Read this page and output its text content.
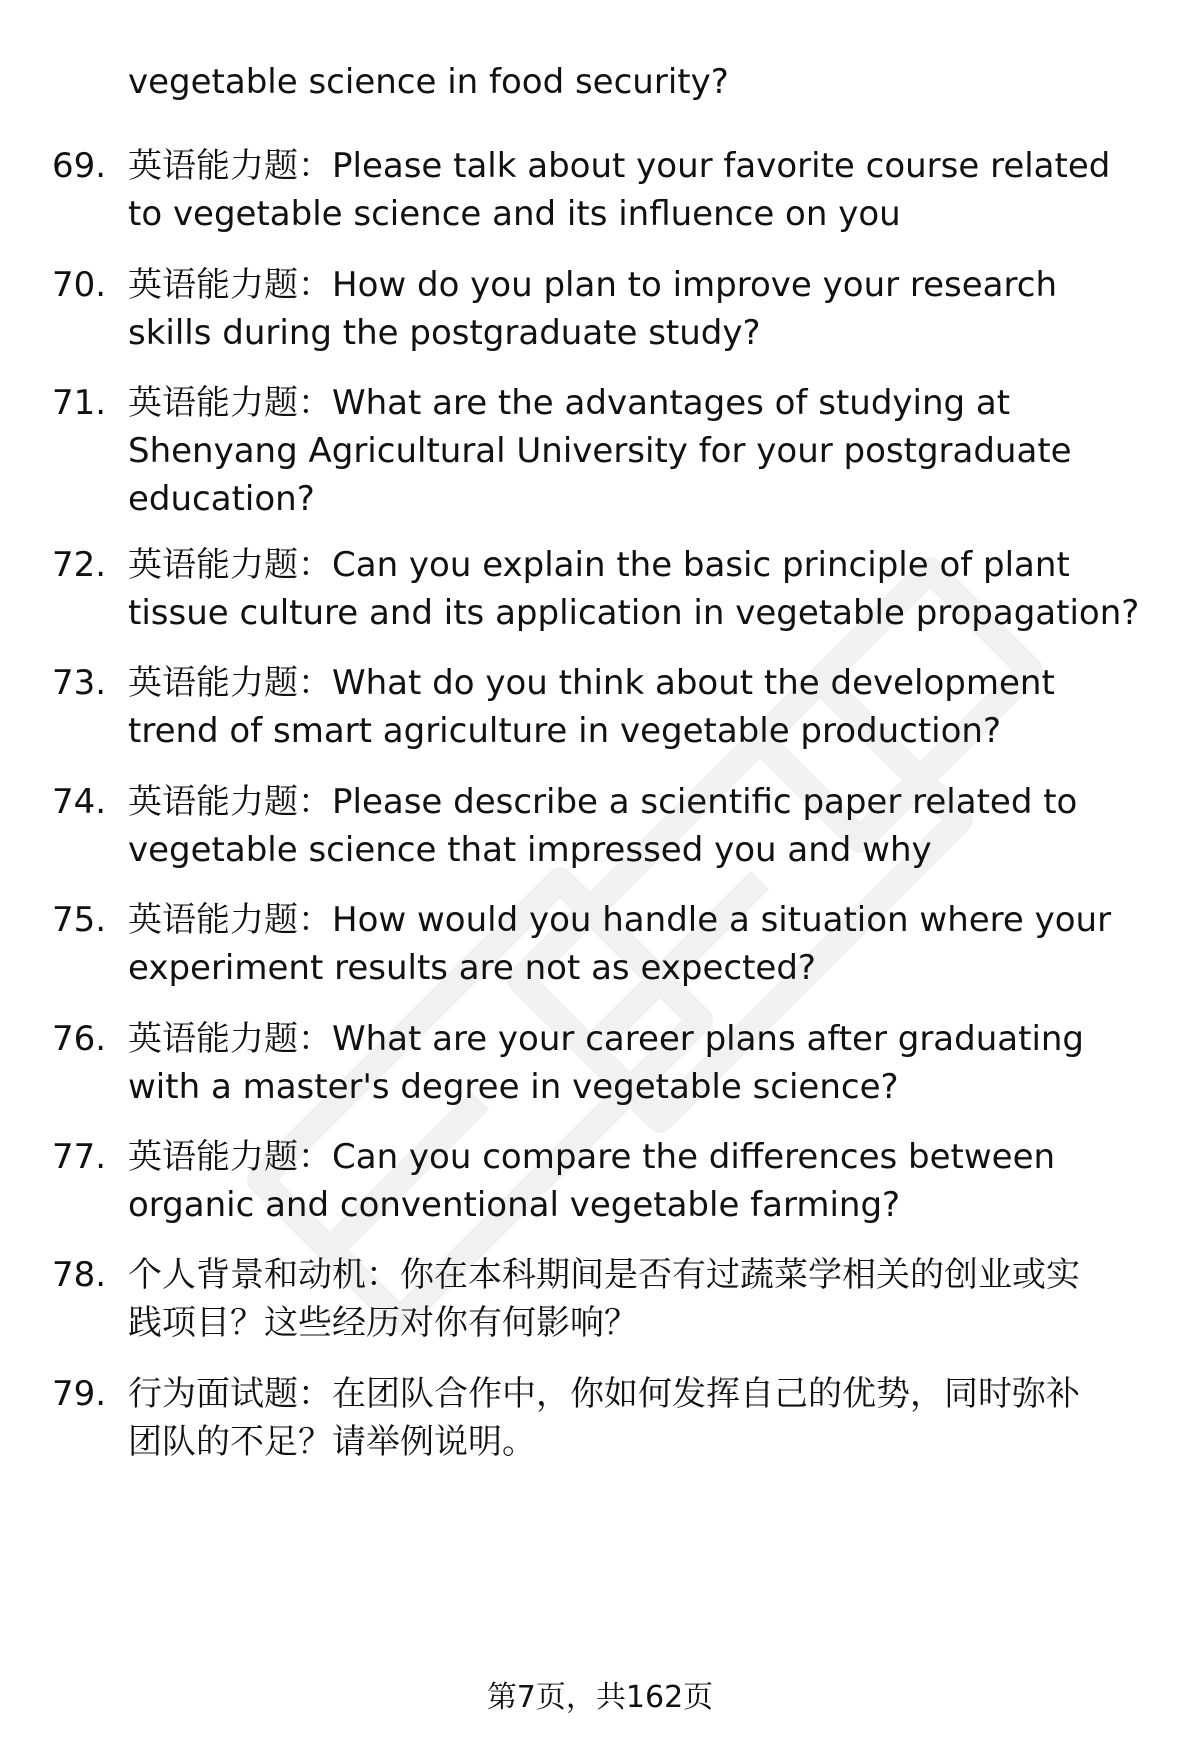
vegetable science in food security?
69. 英语能力题：Please talk about your favorite course related
to vegetable science and its influence on you
70. 英语能力题：How do you plan to improve your research
skills during the postgraduate study?
71. 英语能力题：What are the advantages of studying at
Shenyang Agricultural University for your postgraduate
education?
72. 英语能力题：Can you explain the basic principle of plant
tissue culture and its application in vegetable propagation?
73. 英语能力题：What do you think about the development
trend of smart agriculture in vegetable production?
74. 英语能力题：Please describe a scientific paper related to
vegetable science that impressed you and why
75. 英语能力题：How would you handle a situation where your
experiment results are not as expected?
76. 英语能力题：What are your career plans after graduating
with a master's degree in vegetable science?
77. 英语能力题：Can you compare the differences between
organic and conventional vegetable farming?
78. 个人背景和动机：你在本科期间是否有过蔬菜学相关的创业或实
践项目？这些经历对你有何影响？
79. 行为面试题：在团队合作中，你如何发挥自己的优势，同时弥补
团队的不足？请举例说明。
第7页，共162页
